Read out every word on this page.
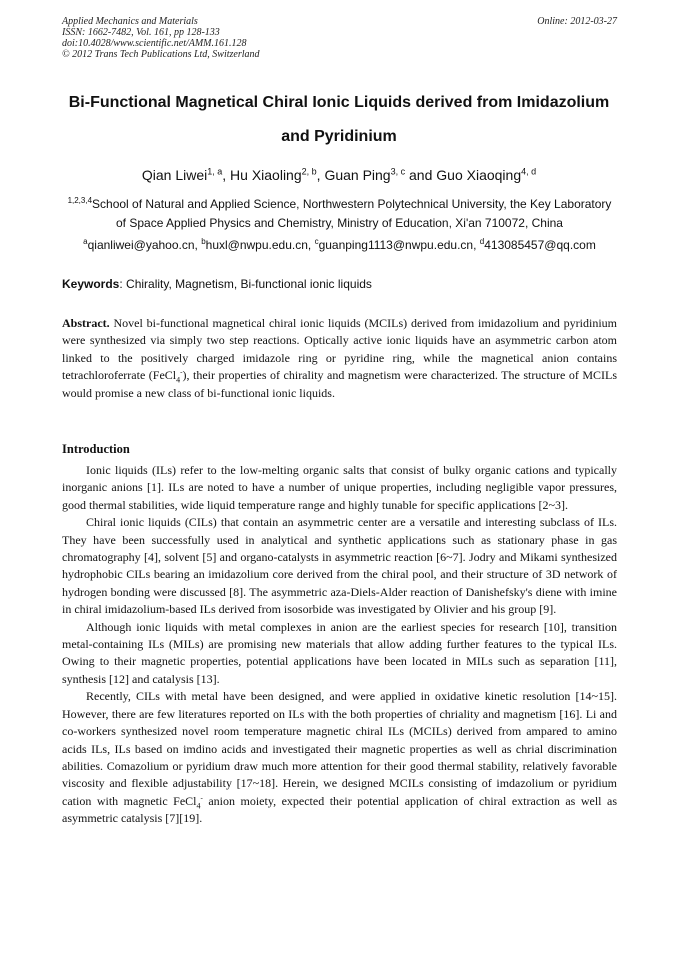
Applied Mechanics and Materials
ISSN: 1662-7482, Vol. 161, pp 128-133
doi:10.4028/www.scientific.net/AMM.161.128
© 2012 Trans Tech Publications Ltd, Switzerland
Online: 2012-03-27
Bi-Functional Magnetical Chiral Ionic Liquids derived from Imidazolium
and Pyridinium
Qian Liwei$^{1, a}$, Hu Xiaoling$^{2, b}$, Guan Ping$^{3, c}$ and Guo Xiaoqing$^{4, d}$
$^{1,2,3,4}$School of Natural and Applied Science, Northwestern Polytechnical University, the Key Laboratory of Space Applied Physics and Chemistry, Ministry of Education, Xi'an 710072, China
$^a$qianliwei@yahoo.cn, $^b$huxl@nwpu.edu.cn, $^c$guanping1113@nwpu.edu.cn, $^d$413085457@qq.com
Keywords: Chirality, Magnetism, Bi-functional ionic liquids
Abstract. Novel bi-functional magnetical chiral ionic liquids (MCILs) derived from imidazolium and pyridinium were synthesized via simply two step reactions. Optically active ionic liquids have an asymmetric carbon atom linked to the positively charged imidazole ring or pyridine ring, while the magnetical anion contains tetrachloroferrate (FeCl$_4$-), their properties of chirality and magnetism were characterized. The structure of MCILs would promise a new class of bi-functional ionic liquids.
Introduction

Ionic liquids (ILs) refer to the low-melting organic salts that consist of bulky organic cations and typically inorganic anions [1]. ILs are noted to have a number of unique properties, including negligible vapor pressures, good thermal stabilities, wide liquid temperature range and highly tunable for specific applications [2~3].

Chiral ionic liquids (CILs) that contain an asymmetric center are a versatile and interesting subclass of ILs. They have been successfully used in analytical and synthetic applications such as stationary phase in gas chromatography [4], solvent [5] and organo-catalysts in asymmetric reaction [6~7]. Jodry and Mikami synthesized hydrophobic CILs bearing an imidazolium core derived from the chiral pool, and their structure of 3D network of hydrogen bonding were discussed [8]. The asymmetric aza-Diels-Alder reaction of Danishefsky's diene with imine in chiral imidazolium-based ILs derived from isosorbide was investigated by Olivier and his group [9].

Although ionic liquids with metal complexes in anion are the earliest species for research [10], transition metal-containing ILs (MILs) are promising new materials that allow adding further features to the typical ILs. Owing to their magnetic properties, potential applications have been located in MILs such as separation [11], synthesis [12] and catalysis [13].

Recently, CILs with metal have been designed, and were applied in oxidative kinetic resolution [14~15]. However, there are few literatures reported on ILs with the both properties of chriality and magnetism [16]. Li and co-workers synthesized novel room temperature magnetic chiral ILs (MCILs) derived from ampared to amino acids ILs, ILs based on imdino acids and investigated their magnetic properties as well as chrial discrimination abilities. Comazolium or pyridium draw much more attention for their good thermal stability, relatively favorable viscosity and flexible adjustability [17~18]. Herein, we designed MCILs consisting of imdazolium or pyridium cation with magnetic FeCl$_4$- anion moiety, expected their potential application of chiral extraction as well as asymmetric catalysis [7][19].
